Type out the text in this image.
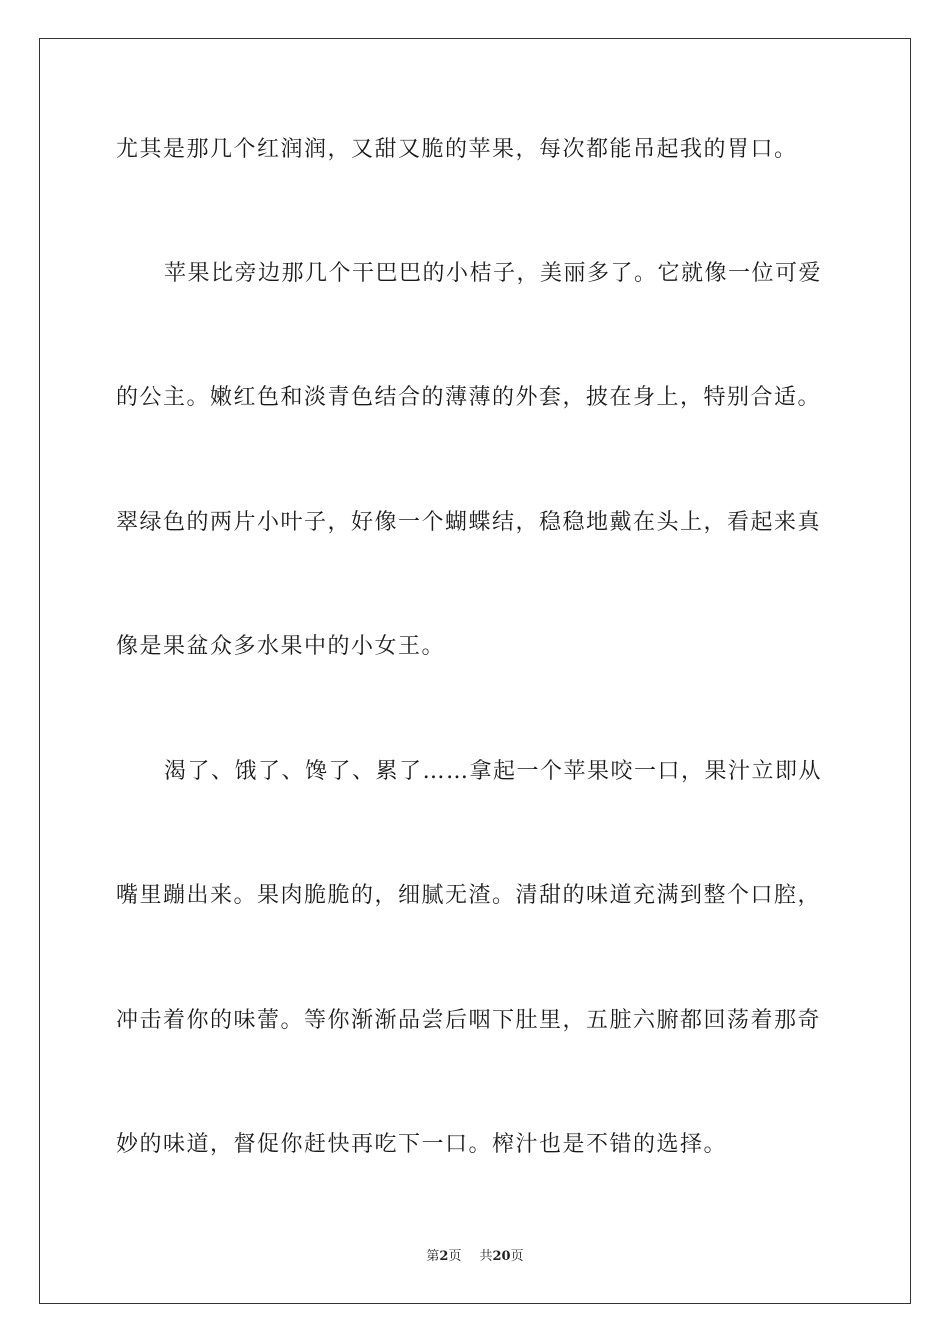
尤其是那几个红润润，又甜又脆的苹果，每次都能吊起我的胃口。
苹果比旁边那几个干巴巴的小桔子，美丽多了。它就像一位可爱
的公主。嫩红色和淡青色结合的薄薄的外套，披在身上，特别合适。
翠绿色的两片小叶子，好像一个蝴蝶结，稳稳地戴在头上，看起来真
像是果盆众多水果中的小女王。
渴了、饿了、馋了、累了……拿起一个苹果咬一口，果汁立即从
嘴里蹦出来。果肉脆脆的，细腻无渣。清甜的味道充满到整个口腔，
冲击着你的味蕾。等你渐渐品尝后咽下肚里，五脏六腑都回荡着那奇
妙的味道，督促你赶快再吃下一口。榨汁也是不错的选择。
第2页 共20页
